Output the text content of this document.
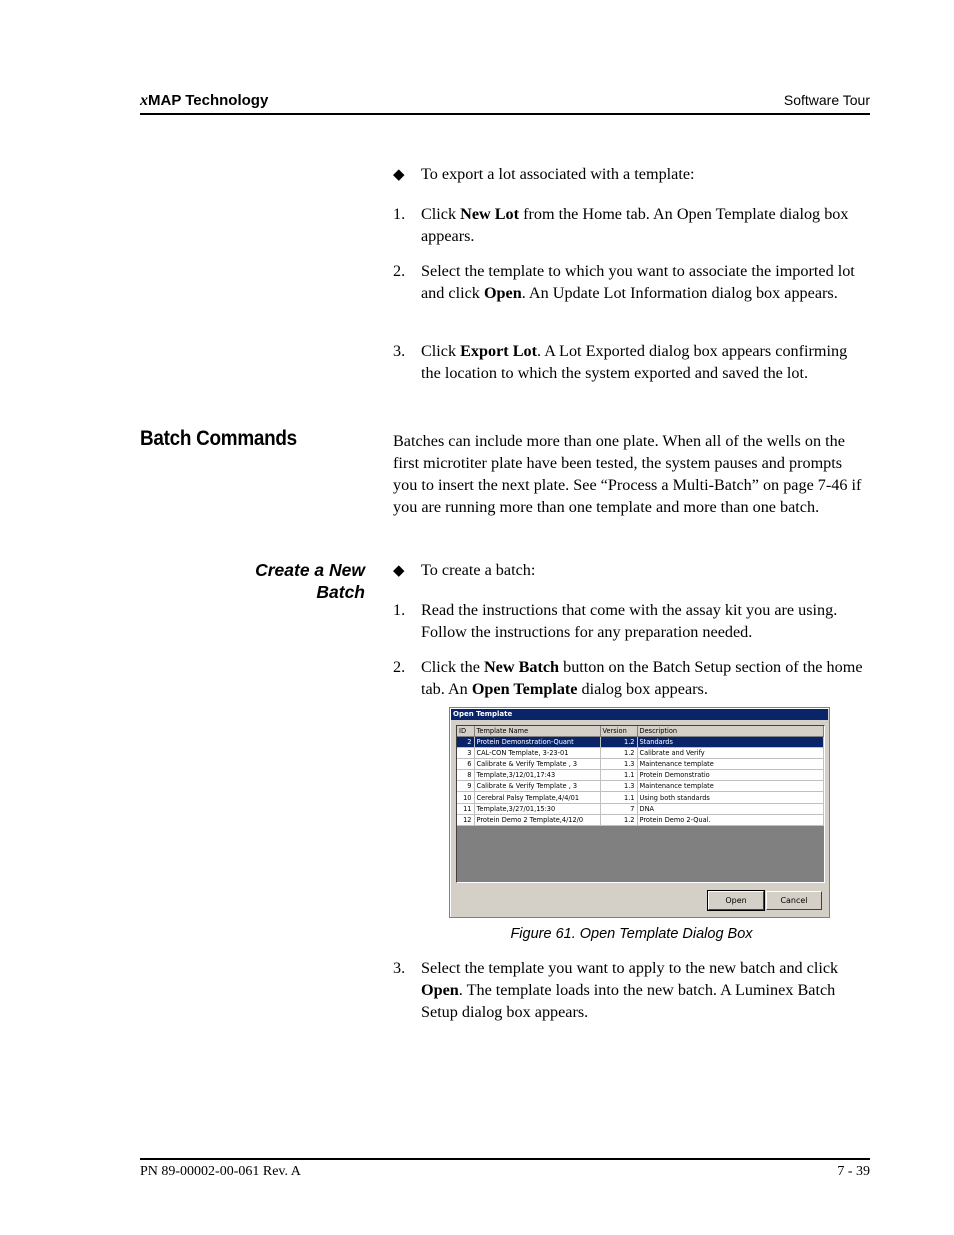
xMAP Technology	Software Tour
◆ To export a lot associated with a template:
1. Click New Lot from the Home tab. An Open Template dialog box appears.
2. Select the template to which you want to associate the imported lot and click Open. An Update Lot Information dialog box appears.
3. Click Export Lot. A Lot Exported dialog box appears confirming the location to which the system exported and saved the lot.
Batch Commands	Batches can include more than one plate. When all of the wells on the first microtiter plate have been tested, the system pauses and prompts you to insert the next plate. See “Process a Multi-Batch” on page 7-46 if you are running more than one template and more than one batch.
Create a New
Batch
◆ To create a batch:
1. Read the instructions that come with the assay kit you are using. Follow the instructions for any preparation needed.
2. Click the New Batch button on the Batch Setup section of the home tab. An Open Template dialog box appears.
Open Template
ID	Template Name	Version	Description
2	Protein Demonstration-Quant	1.2	Standards
3	CAL-CON Template, 3-23-01	1.2	Calibrate and Verify
6	Calibrate & Verify Template , 3	1.3	Maintenance template
8	Template,3/12/01,17:43	1.1	Protein Demonstratio
9	Calibrate & Verify Template , 3	1.3	Maintenance template
10	Cerebral Palsy Template,4/4/01	1.1	Using both standards
11	Template,3/27/01,15:30	7	DNA
12	Protein Demo 2 Template,4/12/0	1.2	Protein Demo 2-Qual.
Open	Cancel
Figure 61. Open Template Dialog Box
3. Select the template you want to apply to the new batch and click Open. The template loads into the new batch. A Luminex Batch Setup dialog box appears.
PN 89-00002-00-061 Rev. A	7 - 39
